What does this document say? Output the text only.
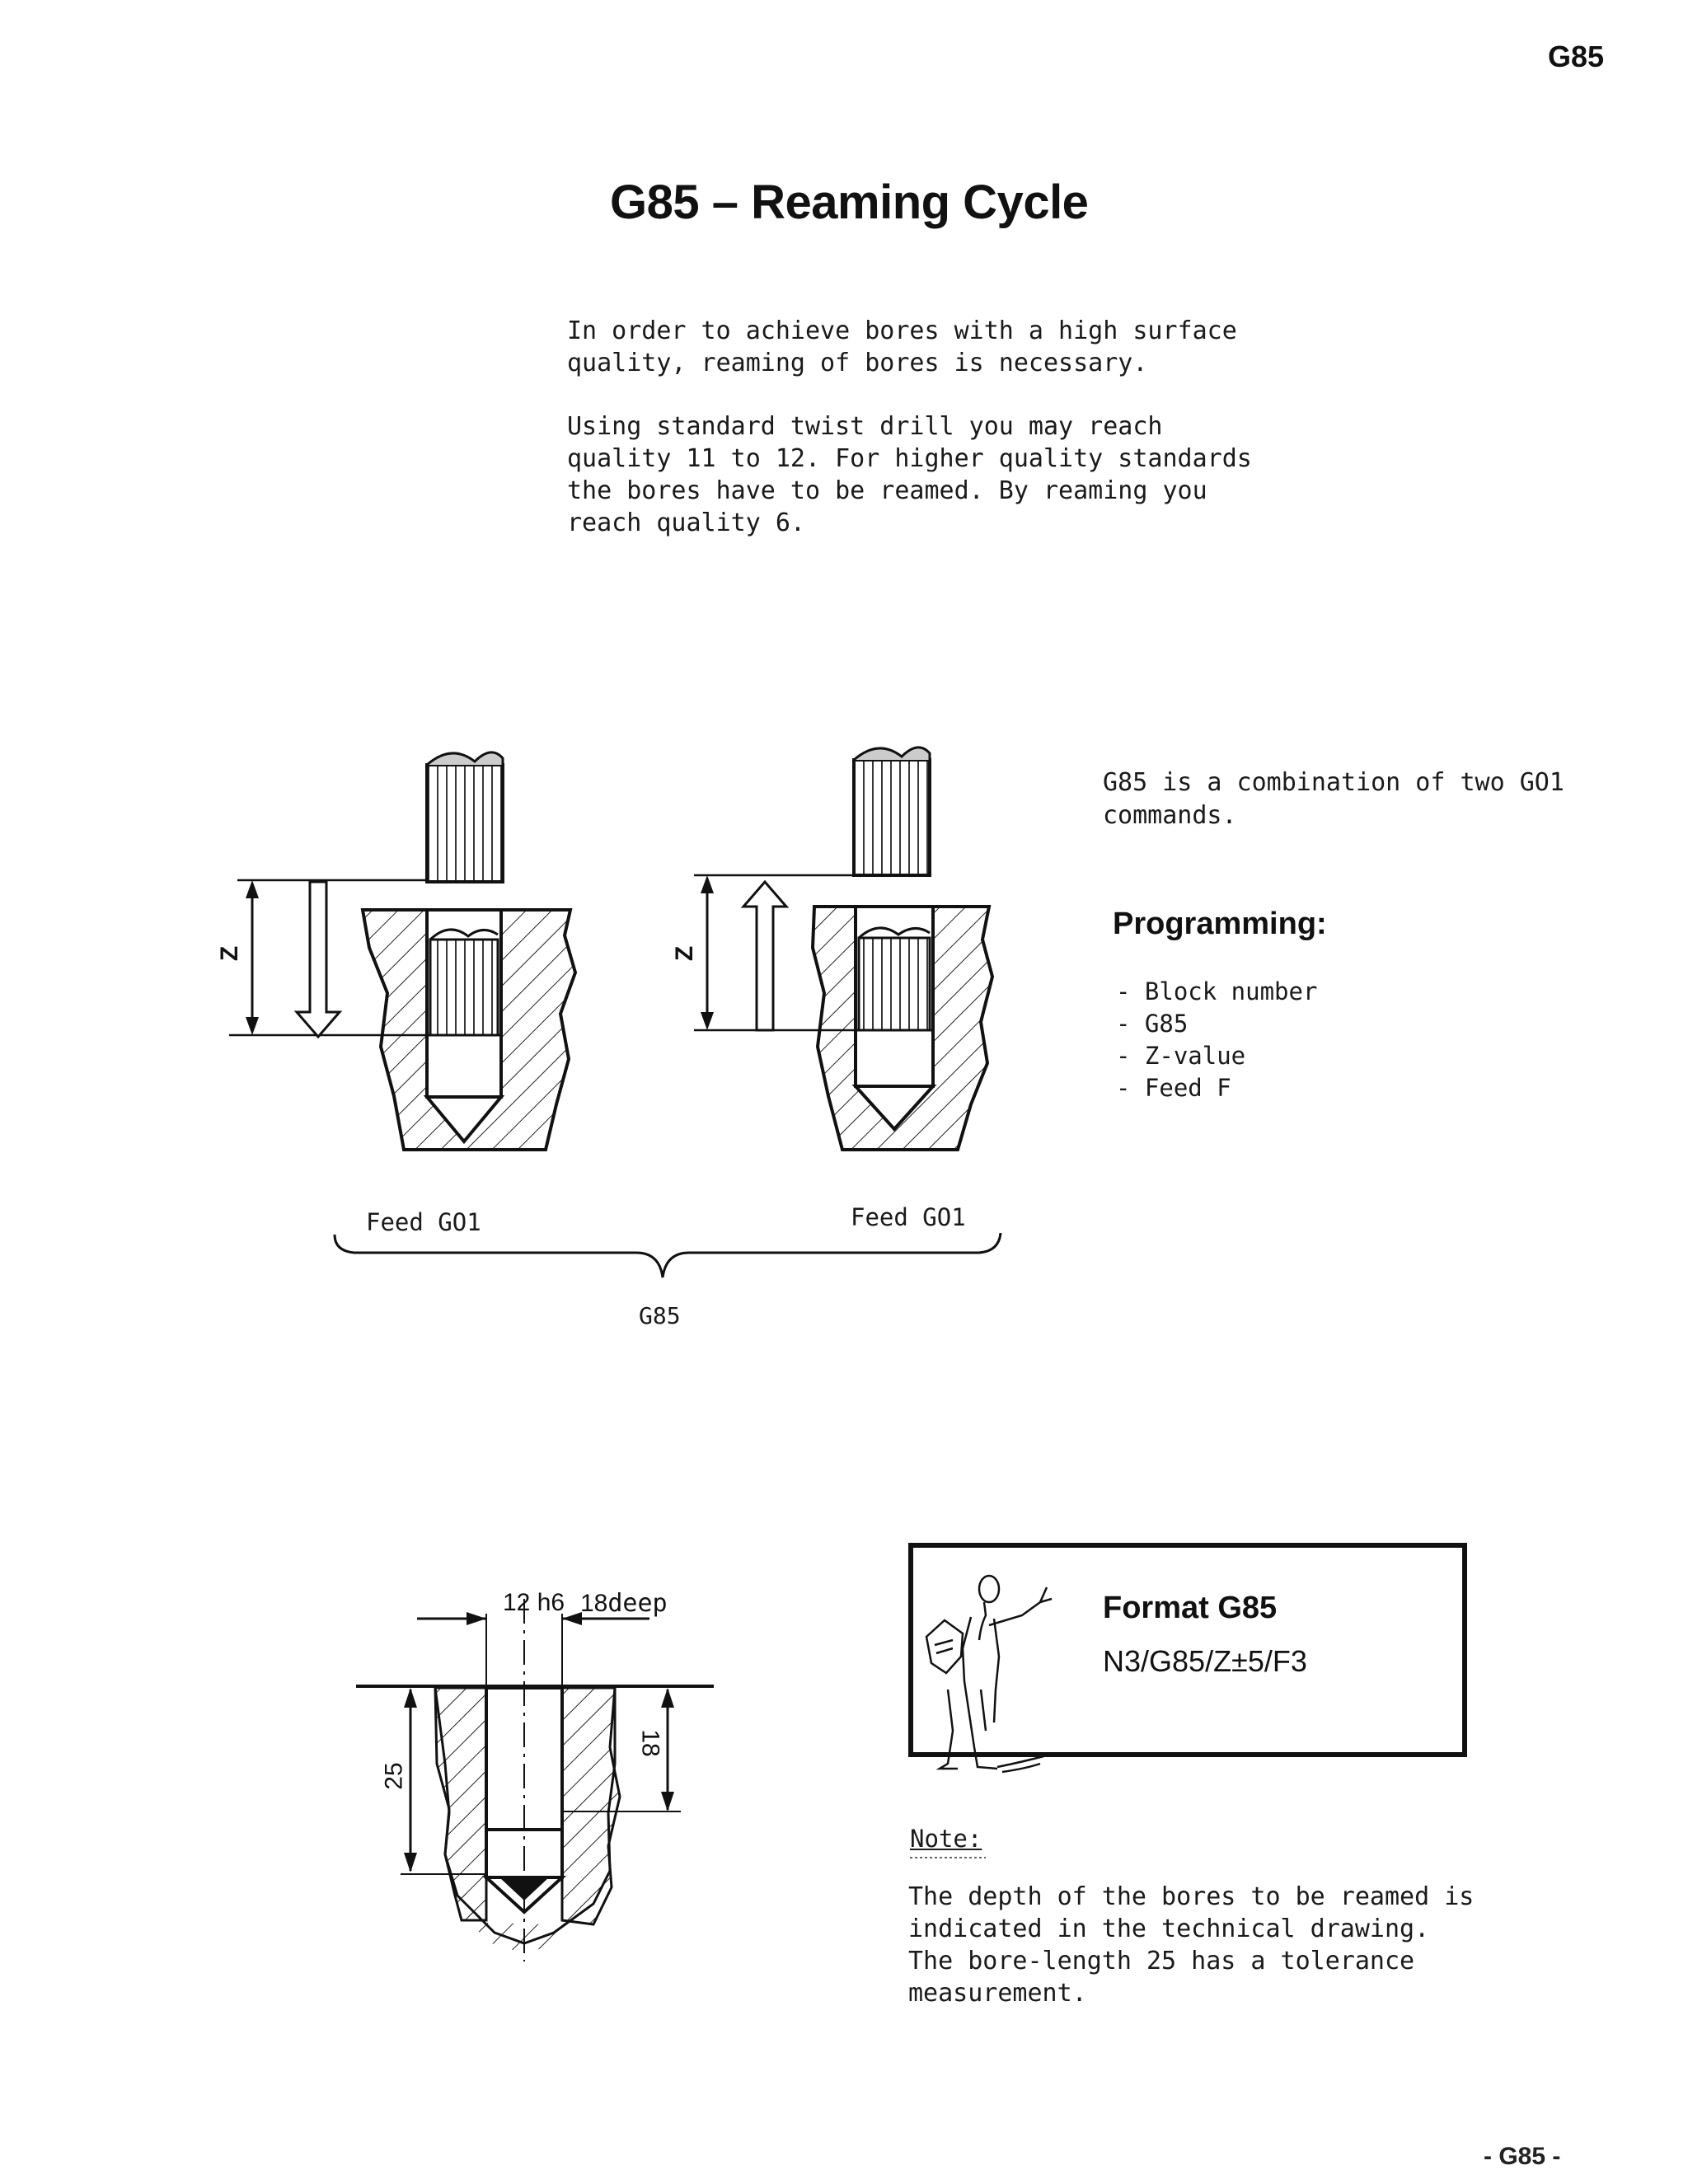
G85
G85 – Reaming Cycle
In order to achieve bores with a high surface
quality, reaming of bores is necessary.
Using standard twist drill you may reach
quality 11 to 12. For higher quality standards
the bores have to be reamed. By reaming you
reach quality 6.
Z	Z
Feed GO1	Feed GO1
G85
G85 is a combination of two GO1
commands.
Programming:
- Block number
- G85
- Z-value
- Feed F
12 h6 18deep
25
18
Format G85
N3/G85/Z±5/F3
Note:
The depth of the bores to be reamed is
indicated in the technical drawing.
The bore-length 25 has a tolerance
measurement.
- G85 -
